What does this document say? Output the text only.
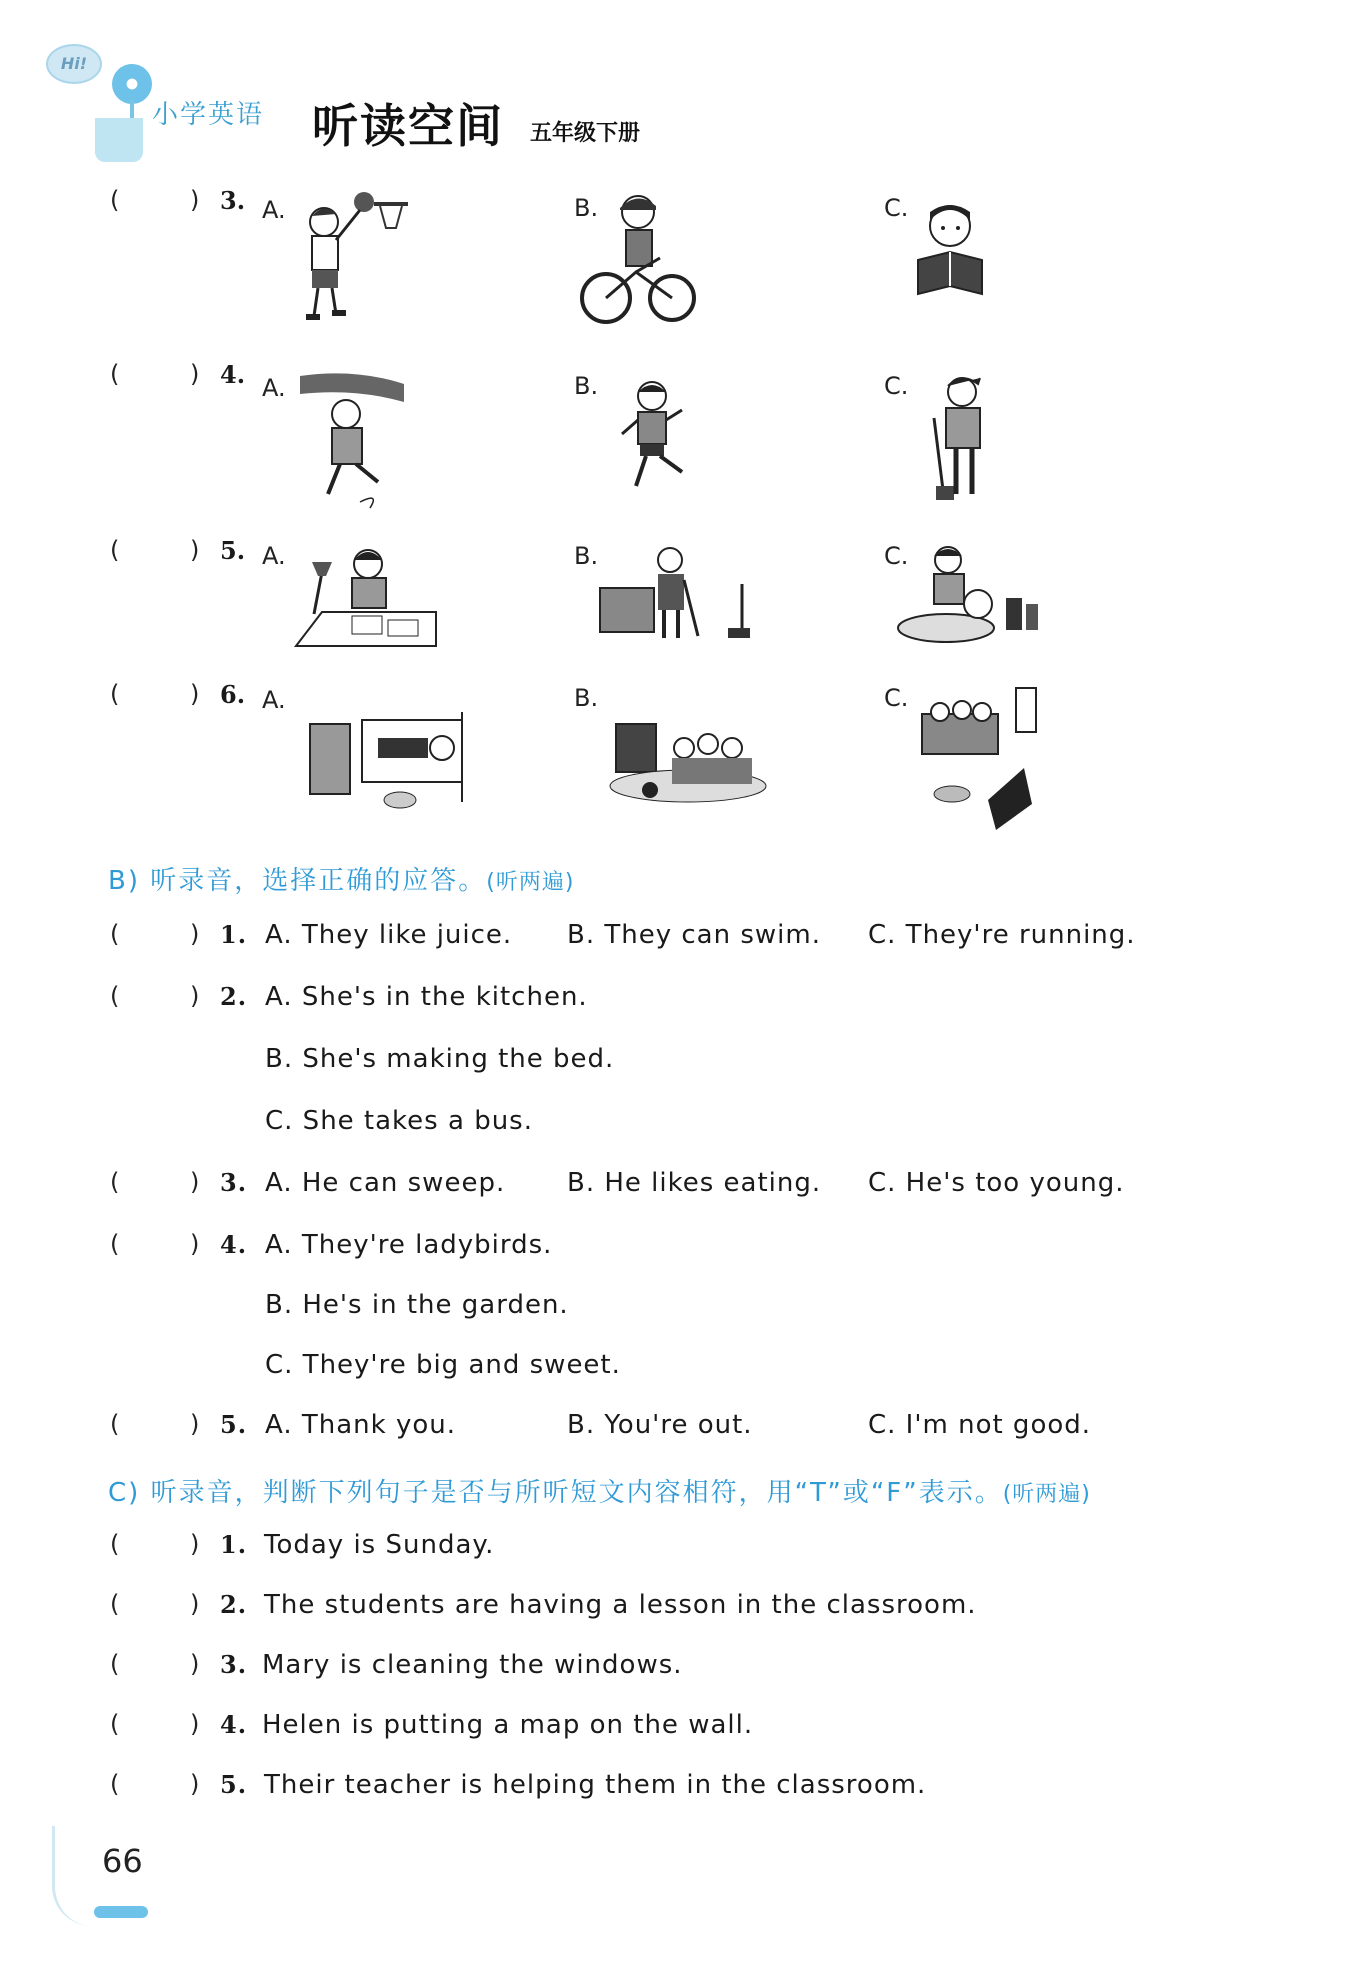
Hi!
小学英语 听读空间 五年级下册
(	) 3. A.	B.	C.
(	) 4. A.	B.	C.
(	) 5. A.	B.	C.
(	) 6. A.	B.	C.
B) 听录音，选择正确的应答。(听两遍)
(	) 1. A. They like juice. B. They can swim. C. They're running.
(	) 2. A. She's in the kitchen.
B. She's making the bed.
C. She takes a bus.
(	) 3. A. He can sweep. B. He likes eating. C. He's too young.
(	) 4. A. They're ladybirds.
B. He's in the garden.
C. They're big and sweet.
(	) 5. A. Thank you.	B. You're out.	C. I'm not good.
C) 听录音，判断下列句子是否与所听短文内容相符，用“T”或“F”表示。(听两遍)
(	) 1. Today is Sunday.
(	) 2. The students are having a lesson in the classroom.
(	) 3. Mary is cleaning the windows.
(	) 4. Helen is putting a map on the wall.
(	) 5. Their teacher is helping them in the classroom.
66
